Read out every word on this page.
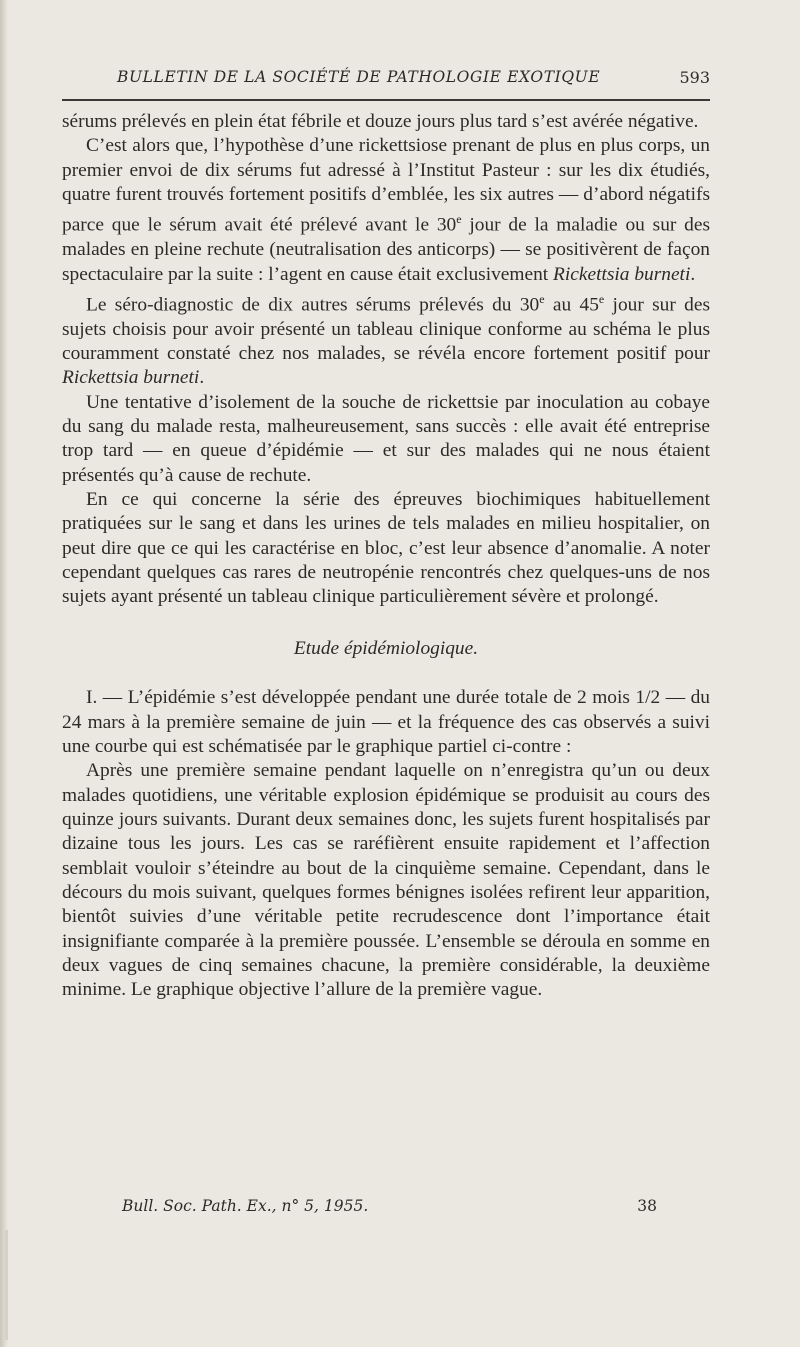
BULLETIN DE LA SOCIÉTÉ DE PATHOLOGIE EXOTIQUE	593

sérums prélevés en plein état fébrile et douze jours plus tard s’est avérée négative.

C’est alors que, l’hypothèse d’une rickettsiose prenant de plus en plus corps, un premier envoi de dix sérums fut adressé à l’Institut Pasteur : sur les dix étudiés, quatre furent trouvés fortement positifs d’emblée, les six autres — d’abord négatifs parce que le sérum avait été prélevé avant le 30e jour de la maladie ou sur des malades en pleine rechute (neutralisation des anticorps) — se positivèrent de façon spectaculaire par la suite : l’agent en cause était exclusivement Rickettsia burneti.

Le séro-diagnostic de dix autres sérums prélevés du 30e au 45e jour sur des sujets choisis pour avoir présenté un tableau clinique conforme au schéma le plus couramment constaté chez nos malades, se révéla encore fortement positif pour Rickettsia burneti.

Une tentative d’isolement de la souche de rickettsie par inoculation au cobaye du sang du malade resta, malheureusement, sans succès : elle avait été entreprise trop tard — en queue d’épidémie — et sur des malades qui ne nous étaient présentés qu’à cause de rechute.

En ce qui concerne la série des épreuves biochimiques habituellement pratiquées sur le sang et dans les urines de tels malades en milieu hospitalier, on peut dire que ce qui les caractérise en bloc, c’est leur absence d’anomalie. A noter cependant quelques cas rares de neutropénie rencontrés chez quelques-uns de nos sujets ayant présenté un tableau clinique particulièrement sévère et prolongé.

Etude épidémiologique.

I. — L’épidémie s’est développée pendant une durée totale de 2 mois 1/2 — du 24 mars à la première semaine de juin — et la fréquence des cas observés a suivi une courbe qui est schématisée par le graphique partiel ci-contre :

Après une première semaine pendant laquelle on n’enregistra qu’un ou deux malades quotidiens, une véritable explosion épidémique se produisit au cours des quinze jours suivants. Durant deux semaines donc, les sujets furent hospitalisés par dizaine tous les jours. Les cas se raréfièrent ensuite rapidement et l’affection semblait vouloir s’éteindre au bout de la cinquième semaine. Cependant, dans le décours du mois suivant, quelques formes bénignes isolées refirent leur apparition, bientôt suivies d’une véritable petite recrudescence dont l’importance était insignifiante comparée à la première poussée. L’ensemble se déroula en somme en deux vagues de cinq semaines chacune, la première considérable, la deuxième minime. Le graphique objective l’allure de la première vague.

Bull. Soc. Path. Ex., n° 5, 1955.	38
